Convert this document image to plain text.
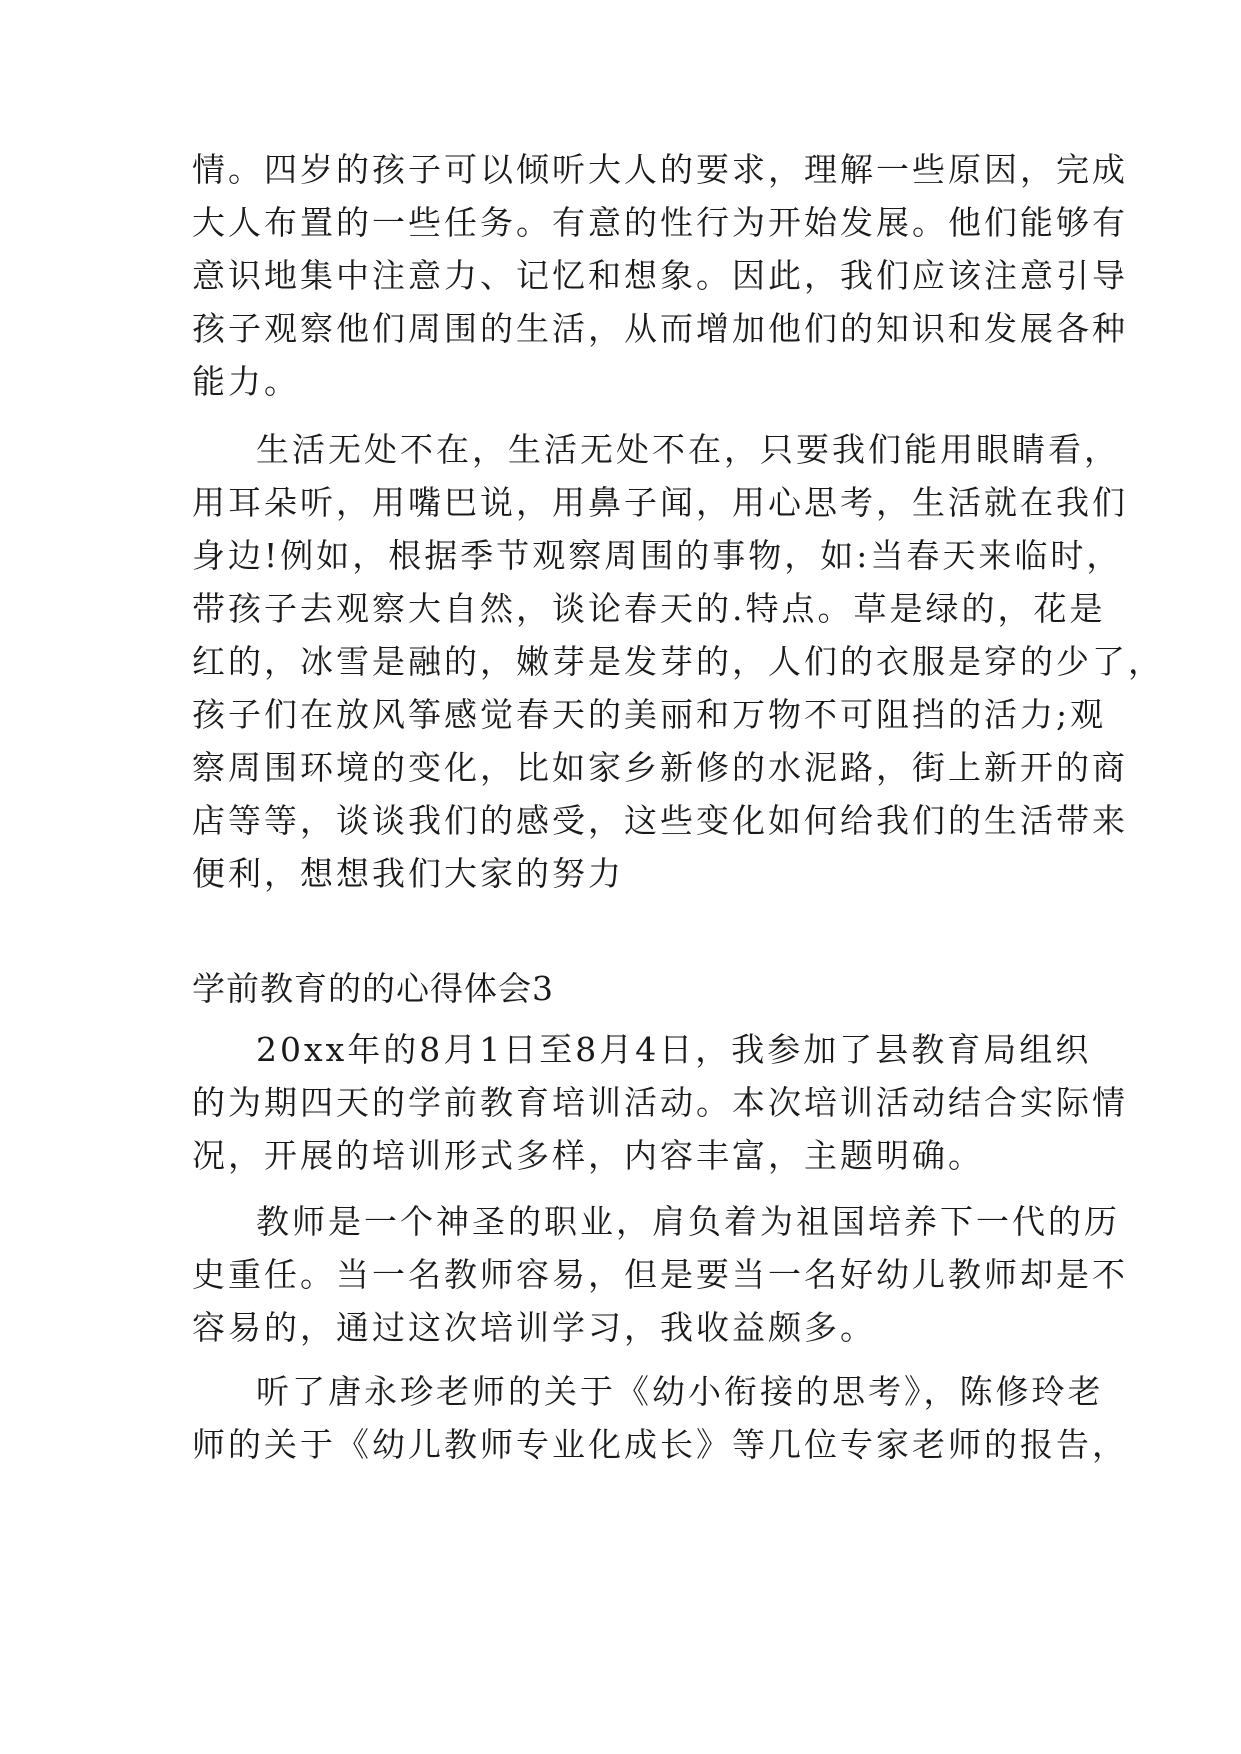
情。四岁的孩子可以倾听大人的要求，理解一些原因，完成

大人布置的一些任务。有意的性行为开始发展。他们能够有

意识地集中注意力、记忆和想象。因此，我们应该注意引导

孩子观察他们周围的生活，从而增加他们的知识和发展各种

能力。

生活无处不在，生活无处不在，只要我们能用眼睛看，

用耳朵听，用嘴巴说，用鼻子闻，用心思考，生活就在我们

身边!例如，根据季节观察周围的事物，如:当春天来临时，

带孩子去观察大自然，谈论春天的.特点。草是绿的，花是

红的，冰雪是融的，嫩芽是发芽的，人们的衣服是穿的少了，

孩子们在放风筝感觉春天的美丽和万物不可阻挡的活力;观

察周围环境的变化，比如家乡新修的水泥路，街上新开的商

店等等，谈谈我们的感受，这些变化如何给我们的生活带来

便利，想想我们大家的努力

学前教育的的心得体会3

20xx年的8月1日至8月4日，我参加了县教育局组织

的为期四天的学前教育培训活动。本次培训活动结合实际情

况，开展的培训形式多样，内容丰富，主题明确。

教师是一个神圣的职业，肩负着为祖国培养下一代的历

史重任。当一名教师容易，但是要当一名好幼儿教师却是不

容易的，通过这次培训学习，我收益颇多。

听了唐永珍老师的关于《幼小衔接的思考》，陈修玲老

师的关于《幼儿教师专业化成长》等几位专家老师的报告，
